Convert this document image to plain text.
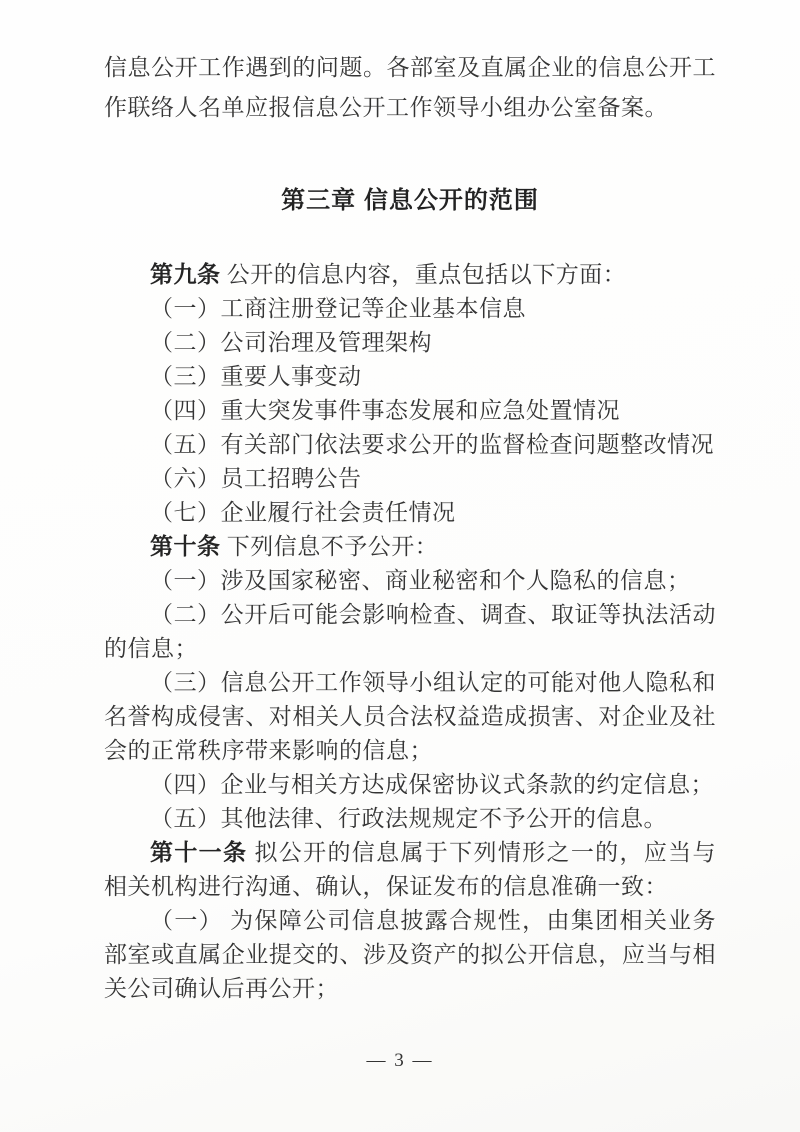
信息公开工作遇到的问题。各部室及直属企业的信息公开工作联络人名单应报信息公开工作领导小组办公室备案。

第三章 信息公开的范围

第九条 公开的信息内容，重点包括以下方面：

（一）工商注册登记等企业基本信息

（二）公司治理及管理架构

（三）重要人事变动

（四）重大突发事件事态发展和应急处置情况

（五）有关部门依法要求公开的监督检查问题整改情况

（六）员工招聘公告

（七）企业履行社会责任情况

第十条 下列信息不予公开：

（一）涉及国家秘密、商业秘密和个人隐私的信息；

（二）公开后可能会影响检查、调查、取证等执法活动的信息；

（三）信息公开工作领导小组认定的可能对他人隐私和名誉构成侵害、对相关人员合法权益造成损害、对企业及社会的正常秩序带来影响的信息；

（四）企业与相关方达成保密协议式条款的约定信息；

（五）其他法律、行政法规规定不予公开的信息。

第十一条 拟公开的信息属于下列情形之一的，应当与相关机构进行沟通、确认，保证发布的信息准确一致：

（一） 为保障公司信息披露合规性，由集团相关业务部室或直属企业提交的、涉及资产的拟公开信息，应当与相关公司确认后再公开；

— 3 —
